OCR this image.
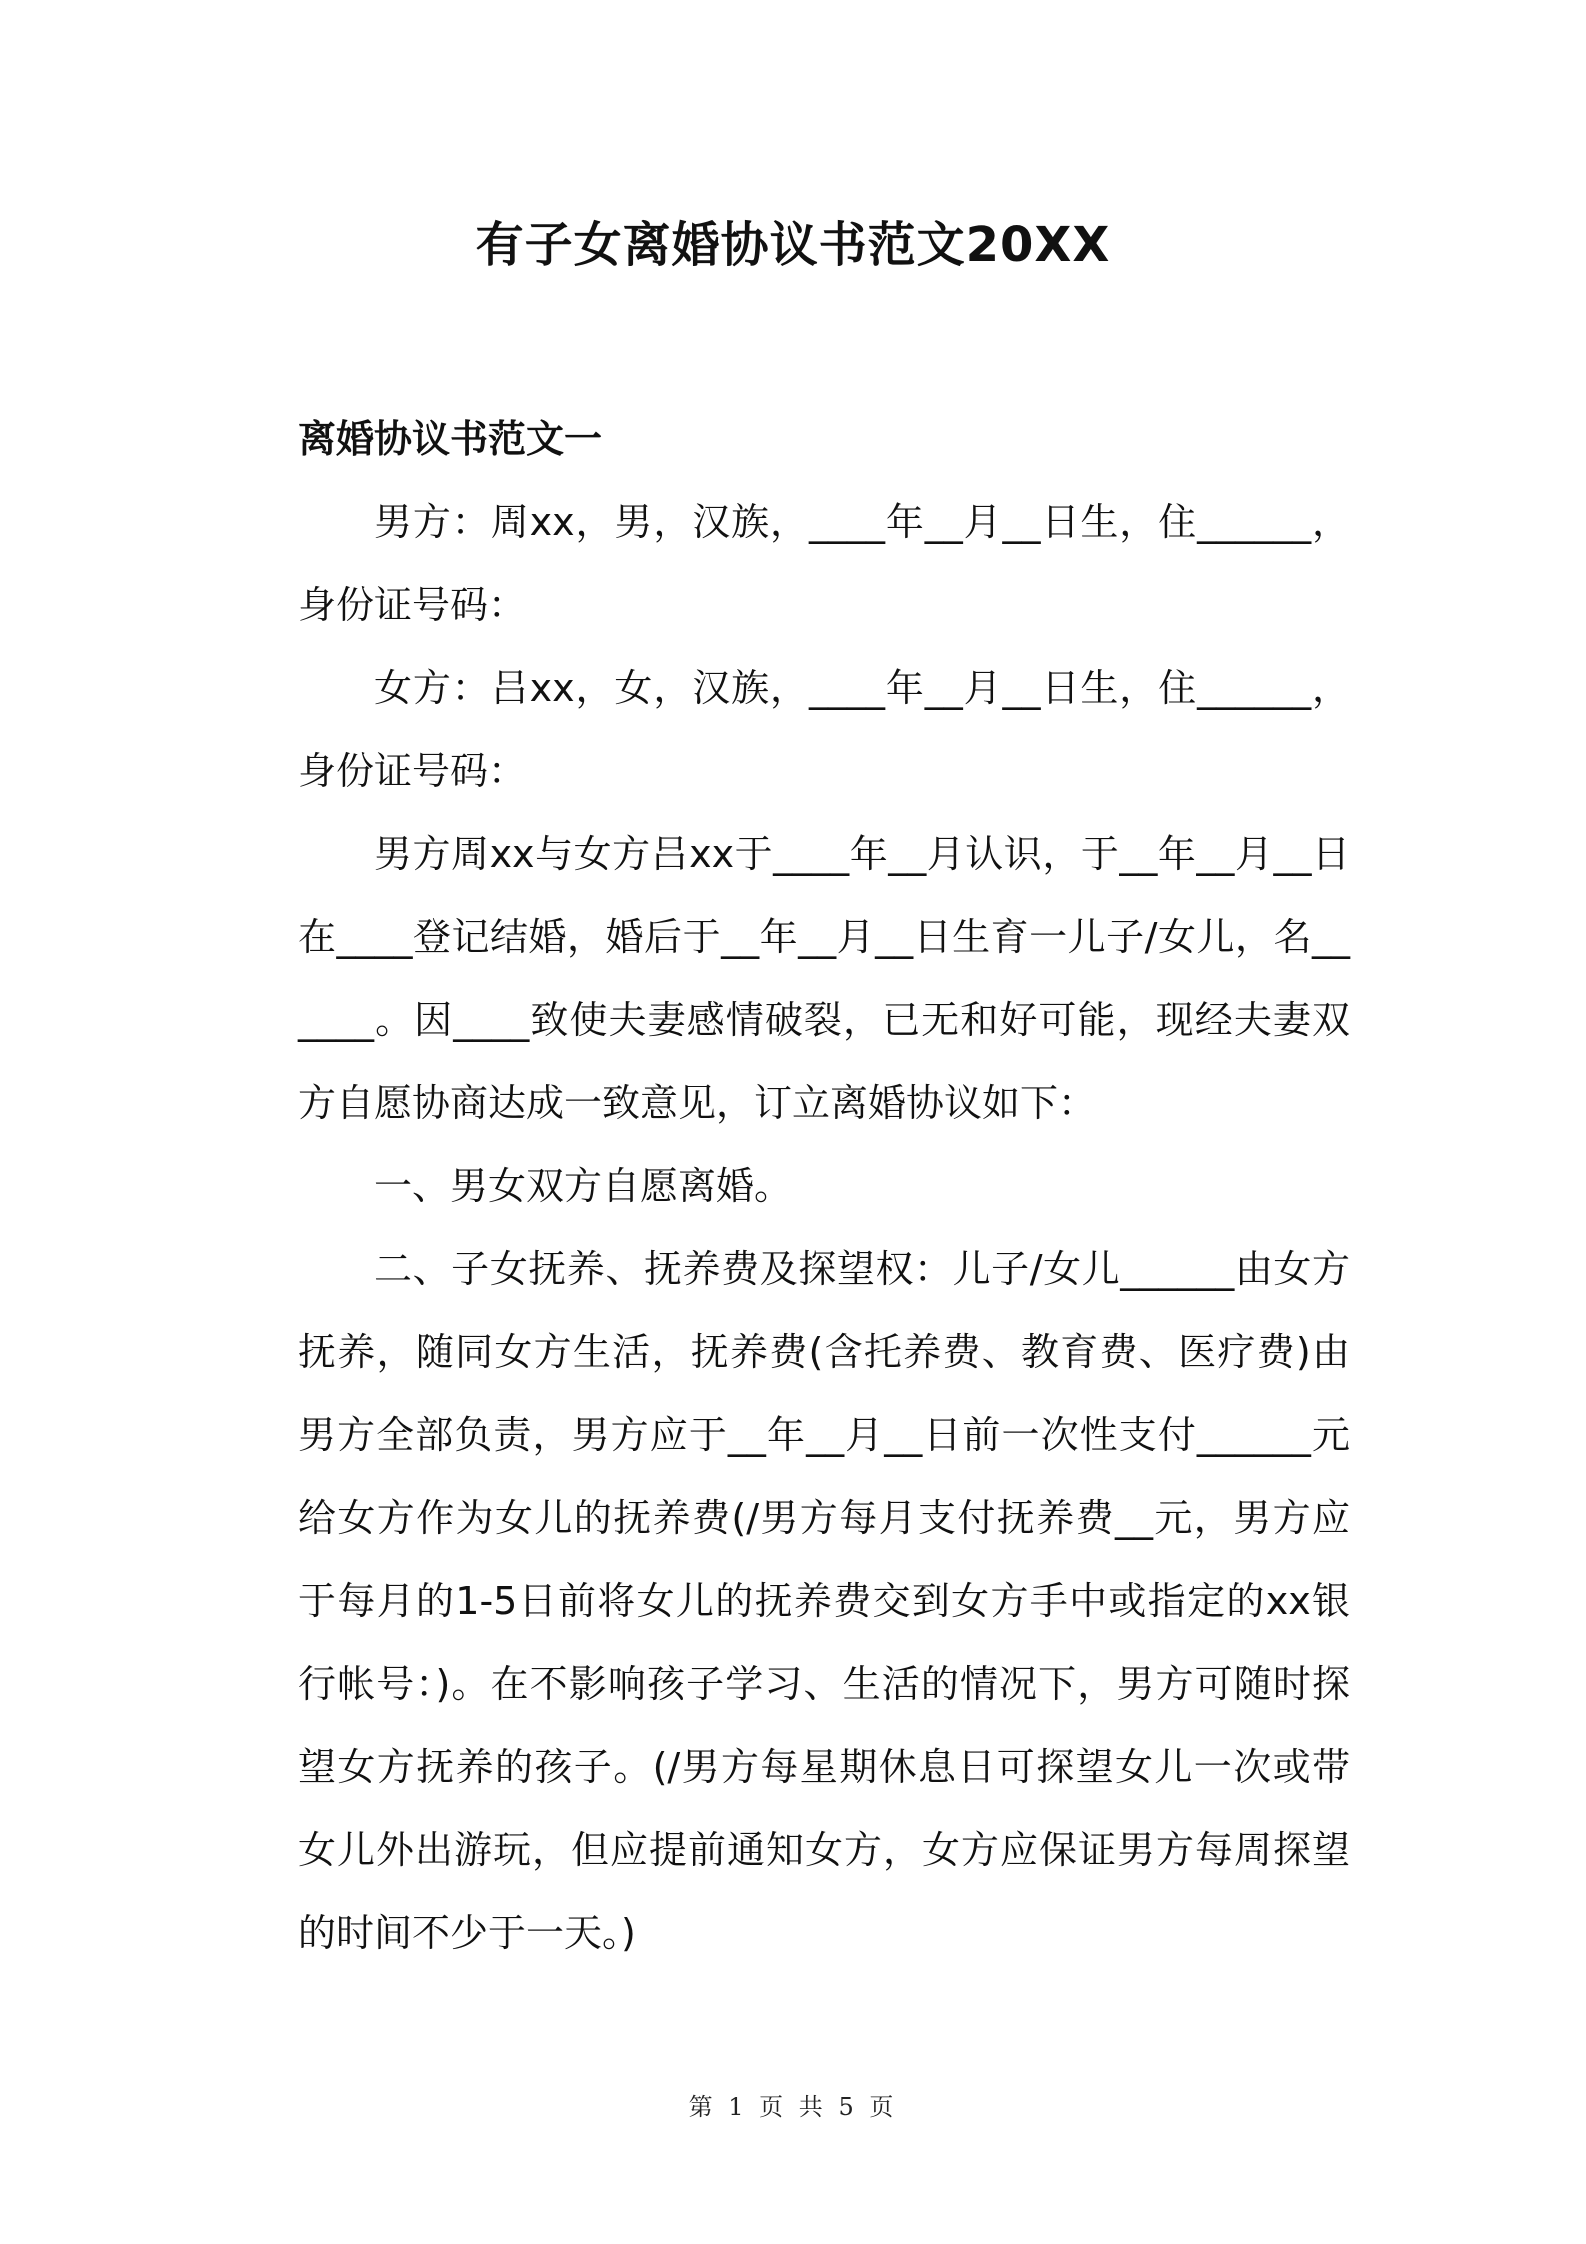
有子女离婚协议书范文20XX

离婚协议书范文一

男方：周xx，男，汉族，____年__月__日生，住______，身份证号码：

女方：吕xx，女，汉族，____年__月__日生，住______，身份证号码：

男方周xx与女方吕xx于____年__月认识，于__年__月__日在____登记结婚，婚后于__年__月__日生育一儿子/女儿，名______。因____致使夫妻感情破裂，已无和好可能，现经夫妻双方自愿协商达成一致意见，订立离婚协议如下：

一、男女双方自愿离婚。

二、子女抚养、抚养费及探望权：儿子/女儿______由女方抚养，随同女方生活，抚养费(含托养费、教育费、医疗费)由男方全部负责，男方应于__年__月__日前一次性支付______元给女方作为女儿的抚养费(/男方每月支付抚养费__元，男方应于每月的1-5日前将女儿的抚养费交到女方手中或指定的xx银行帐号：)。在不影响孩子学习、生活的情况下，男方可随时探望女方抚养的孩子。(/男方每星期休息日可探望女儿一次或带女儿外出游玩，但应提前通知女方，女方应保证男方每周探望的时间不少于一天。)

第 1 页 共 5 页
